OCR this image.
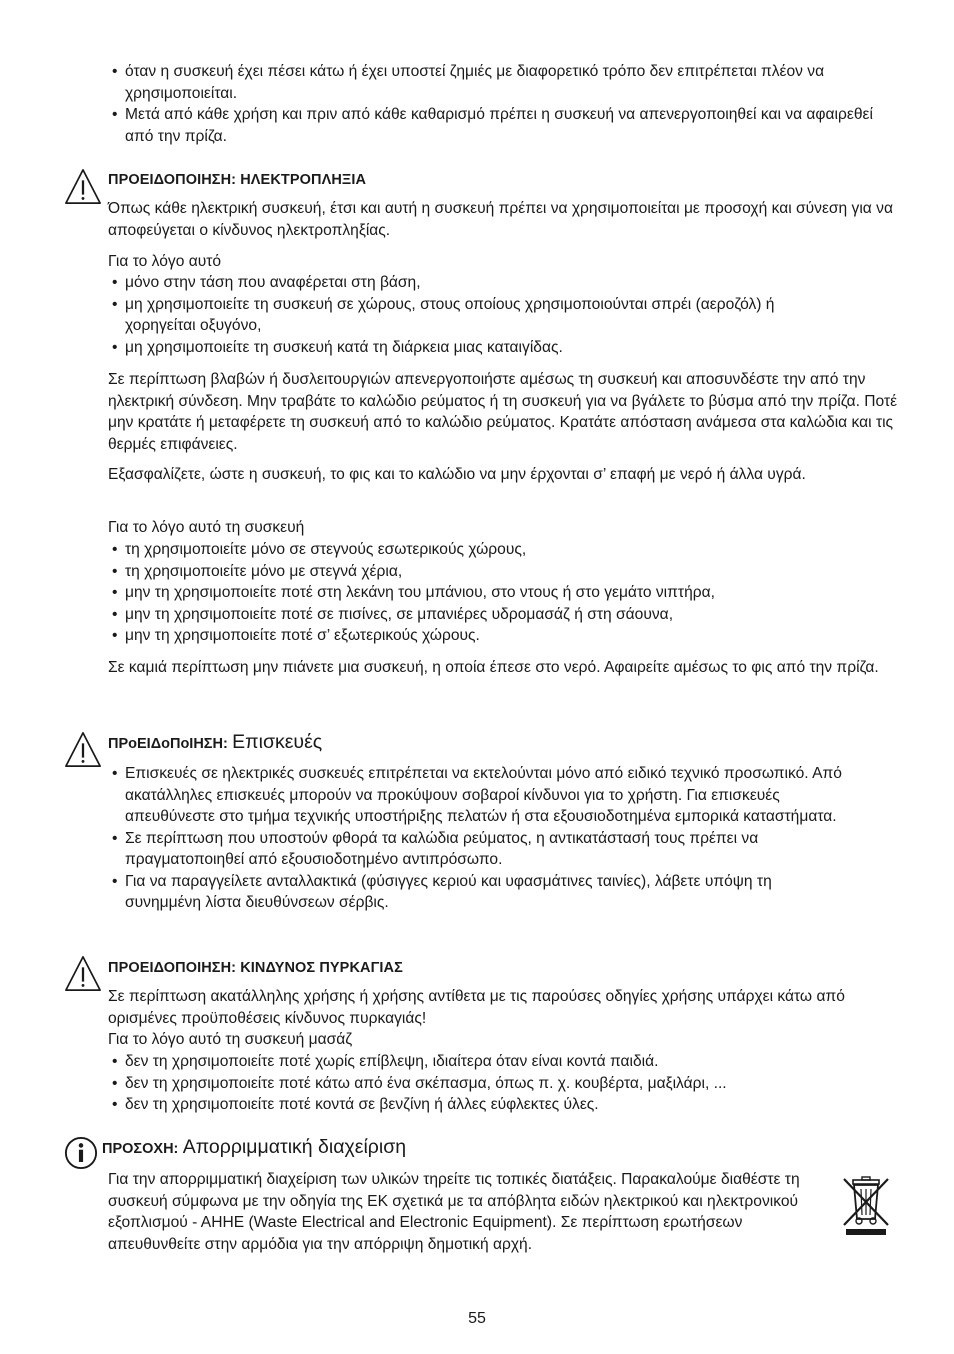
• όταν η συσκευή έχει πέσει κάτω ή έχει υποστεί ζημιές με διαφορετικό τρόπο δεν επιτρέπεται πλέον να χρησιμοποιείται.
• Μετά από κάθε χρήση και πριν από κάθε καθαρισμό πρέπει η συσκευή να απενεργοποιηθεί και να αφαιρεθεί από την πρίζα.
ΠΡΟΕΙΔΟΠΟΙΗΣΗ: ΗΛΕΚΤΡΟΠΛΗΞΙΑ

Όπως κάθε ηλεκτρική συσκευή, έτσι και αυτή η συσκευή πρέπει να χρησιμοποιείται με προσοχή και σύνεση για να αποφεύγεται ο κίνδυνος ηλεκτροπληξίας.

Για το λόγο αυτό

• μόνο στην τάση που αναφέρεται στη βάση,
• μη χρησιμοποιείτε τη συσκευή σε χώρους, στους οποίους χρησιμοποιούνται σπρέι (αεροζόλ) ή χορηγείται οξυγόνο,
• μη χρησιμοποιείτε τη συσκευή κατά τη διάρκεια μιας καταιγίδας.

Σε περίπτωση βλαβών ή δυσλειτουργιών απενεργοποιήστε αμέσως τη συσκευή και αποσυνδέστε την από την ηλεκτρική σύνδεση. Μην τραβάτε το καλώδιο ρεύματος ή τη συσκευή για να βγάλετε το βύσμα από την πρίζα. Ποτέ μην κρατάτε ή μεταφέρετε τη συσκευή από το καλώδιο ρεύματος. Κρατάτε απόσταση ανάμεσα στα καλώδια και τις θερμές επιφάνειες.

Εξασφαλίζετε, ώστε η συσκευή, το φις και το καλώδιο να μην έρχονται σ’ επαφή με νερό ή άλλα υγρά.

Για το λόγο αυτό τη συσκευή

• τη χρησιμοποιείτε μόνο σε στεγνούς εσωτερικούς χώρους,
• τη χρησιμοποιείτε μόνο με στεγνά χέρια,
• μην τη χρησιμοποιείτε ποτέ στη λεκάνη του μπάνιου, στο ντους ή στο γεμάτο νιπτήρα,
• μην τη χρησιμοποιείτε ποτέ σε πισίνες, σε μπανιέρες υδρομασάζ ή στη σάουνα,
• μην τη χρησιμοποιείτε ποτέ σ’ εξωτερικούς χώρους.

Σε καμιά περίπτωση μην πιάνετε μια συσκευή, η οποία έπεσε στο νερό. Αφαιρείτε αμέσως το φις από την πρίζα.

ΠΡοΕΙΔοΠοΙΗΣΗ: Επισκευές
• Επισκευές σε ηλεκτρικές συσκευές επιτρέπεται να εκτελούνται μόνο από ειδικό τεχνικό προσωπικό. Από ακατάλληλες επισκευές μπορούν να προκύψουν σοβαροί κίνδυνοι για το χρήστη. Για επισκευές απευθύνεστε στο τμήμα τεχνικής υποστήριξης πελατών ή στα εξουσιοδοτημένα εμπορικά καταστήματα.
• Σε περίπτωση που υποστούν φθορά τα καλώδια ρεύματος, η αντικατάστασή τους πρέπει να πραγματοποιηθεί από εξουσιοδοτημένο αντιπρόσωπο.
• Για να παραγγείλετε ανταλλακτικά (φύσιγγες κεριού και υφασμάτινες ταινίες), λάβετε υπόψη τη συνημμένη λίστα διευθύνσεων σέρβις.
ΠΡΟΕΙΔΟΠΟΙΗΣΗ: ΚΙΝΔΥΝΟΣ ΠΥΡΚΑΓΙΑΣ

Σε περίπτωση ακατάλληλης χρήσης ή χρήσης αντίθετα με τις παρούσες οδηγίες χρήσης υπάρχει κάτω από ορισμένες προϋποθέσεις κίνδυνος πυρκαγιάς!

Για το λόγο αυτό τη συσκευή μασάζ

• δεν τη χρησιμοποιείτε ποτέ χωρίς επίβλεψη, ιδιαίτερα όταν είναι κοντά παιδιά.
• δεν τη χρησιμοποιείτε ποτέ κάτω από ένα σκέπασμα, όπως π. χ. κουβέρτα, μαξιλάρι, ...
• δεν τη χρησιμοποιείτε ποτέ κοντά σε βενζίνη ή άλλες εύφλεκτες ύλες.
ΠΡΟΣΟΧΗ: Απορριμματική διαχείριση

Για την απορριμματική διαχείριση των υλικών τηρείτε τις τοπικές διατάξεις. Παρακαλούμε διαθέστε τη συσκευή σύμφωνα με την οδηγία της ΕΚ σχετικά με τα απόβλητα ειδών ηλεκτρικού και ηλεκτρονικού εξοπλισμού - ΑΗΗΕ (Waste Electrical and Electronic Equipment). Σε περίπτωση ερωτήσεων απευθυνθείτε στην αρμόδια για την απόρριψη δημοτική αρχή.

55
